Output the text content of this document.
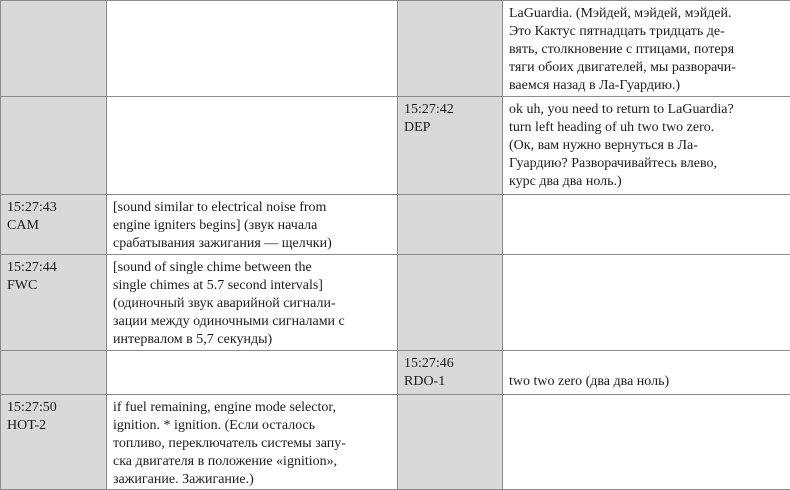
			LaGuardia. (Мэйдей, мэйдей, мэйдей.
Это Кактус пятнадцать тридцать де-
вять, столкновение с птицами, потеря
тяги обоих двигателей, мы разворачи-
ваемся назад в Ла-Гуардию.)

		15:27:42
DEP	ok uh, you need to return to LaGuardia?
turn left heading of uh two two zero.
(Ок, вам нужно вернуться в Ла-
Гуардию? Разворачивайтесь влево,
курс два два ноль.)

15:27:43
CAM	[sound similar to electrical noise from
engine igniters begins] (звук начала
срабатывания зажигания — щелчки)		

15:27:44
FWC	[sound of single chime between the
single chimes at 5.7 second intervals]
(одиночный звук аварийной сигнали-
зации между одиночными сигналами с
интервалом в 5,7 секунды)		

		15:27:46
RDO-1	two two zero (два два ноль)

15:27:50
HOT-2	if fuel remaining, engine mode selector,
ignition. * ignition. (Если осталось
топливо, переключатель системы запу-
ска двигателя в положение «ignition»,
зажигание. Зажигание.)		
